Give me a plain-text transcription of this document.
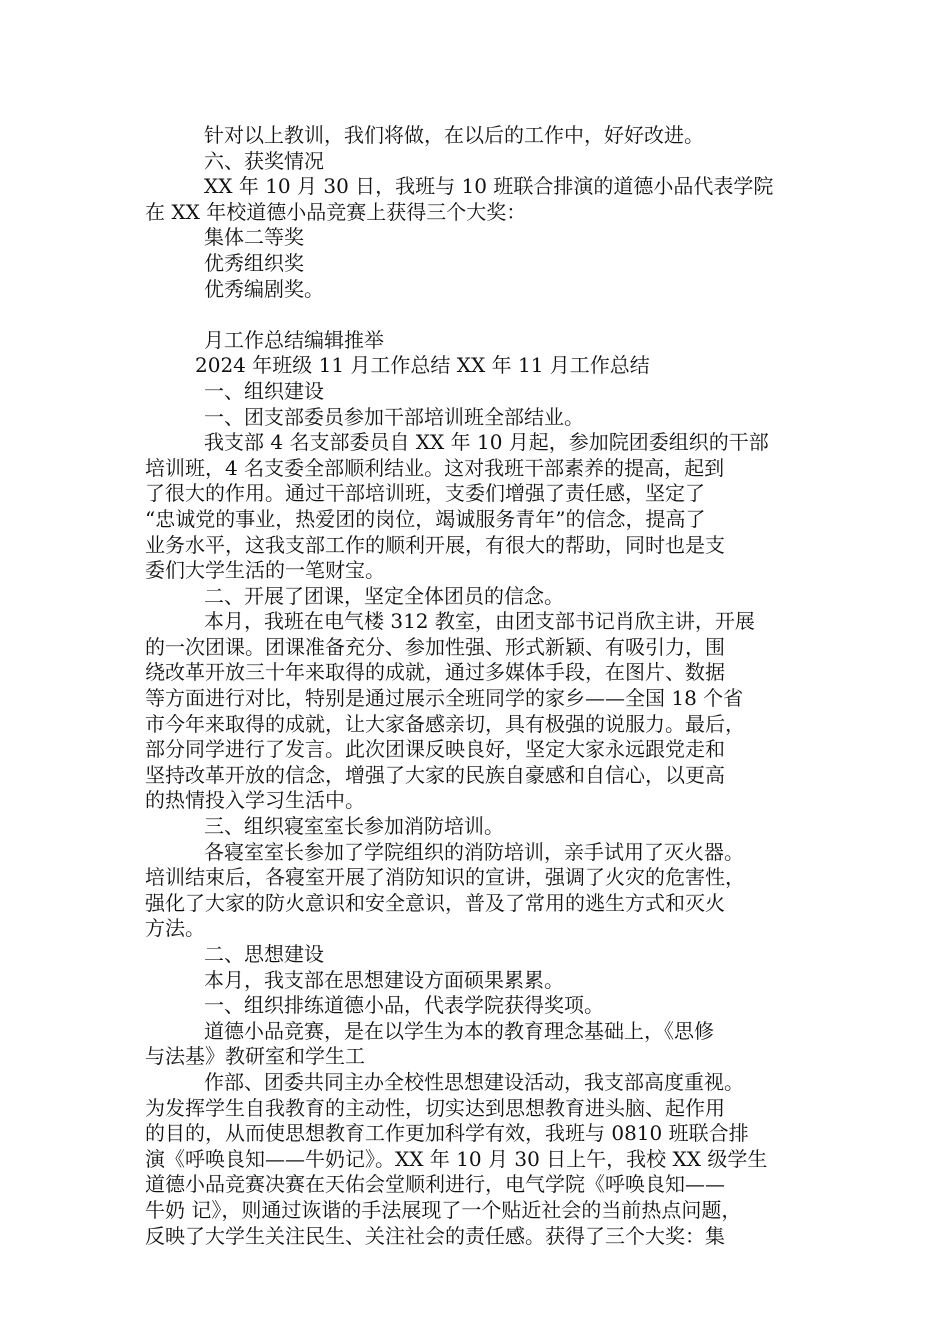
针对以上教训，我们将做，在以后的工作中，好好改进。
六、获奖情况
XX 年 10 月 30 日，我班与 10 班联合排演的道德小品代表学院
在 XX 年校道德小品竞赛上获得三个大奖：
集体二等奖
优秀组织奖
优秀编剧奖。
月工作总结编辑推举
2024 年班级 11 月工作总结 XX 年 11 月工作总结
一、组织建设
一、团支部委员参加干部培训班全部结业。
我支部 4 名支部委员自 XX 年 10 月起，参加院团委组织的干部
培训班，4 名支委全部顺利结业。这对我班干部素养的提高，起到
了很大的作用。通过干部培训班，支委们增强了责任感，坚定了
“忠诚党的事业，热爱团的岗位，竭诚服务青年”的信念，提高了
业务水平，这我支部工作的顺利开展，有很大的帮助，同时也是支
委们大学生活的一笔财宝。
二、开展了团课，坚定全体团员的信念。
本月，我班在电气楼 312 教室，由团支部书记肖欣主讲，开展
的一次团课。团课准备充分、参加性强、形式新颖、有吸引力，围
绕改革开放三十年来取得的成就，通过多媒体手段，在图片、数据
等方面进行对比，特别是通过展示全班同学的家乡——全国 18 个省
市今年来取得的成就，让大家备感亲切，具有极强的说服力。最后，
部分同学进行了发言。此次团课反映良好，坚定大家永远跟党走和
坚持改革开放的信念，增强了大家的民族自豪感和自信心，以更高
的热情投入学习生活中。
三、组织寝室室长参加消防培训。
各寝室室长参加了学院组织的消防培训，亲手试用了灭火器。
培训结束后，各寝室开展了消防知识的宣讲，强调了火灾的危害性，
强化了大家的防火意识和安全意识，普及了常用的逃生方式和灭火
方法。
二、思想建设
本月，我支部在思想建设方面硕果累累。
一、组织排练道德小品，代表学院获得奖项。
道德小品竞赛，是在以学生为本的教育理念基础上，《思修
与法基》教研室和学生工
作部、团委共同主办全校性思想建设活动，我支部高度重视。
为发挥学生自我教育的主动性，切实达到思想教育进头脑、起作用
的目的，从而使思想教育工作更加科学有效，我班与 0810 班联合排
演《呼唤良知——牛奶记》。XX 年 10 月 30 日上午，我校 XX 级学生
道德小品竞赛决赛在天佑会堂顺利进行，电气学院《呼唤良知——
牛奶 记》，则通过诙谐的手法展现了一个贴近社会的当前热点问题，
反映了大学生关注民生、关注社会的责任感。获得了三个大奖：集
